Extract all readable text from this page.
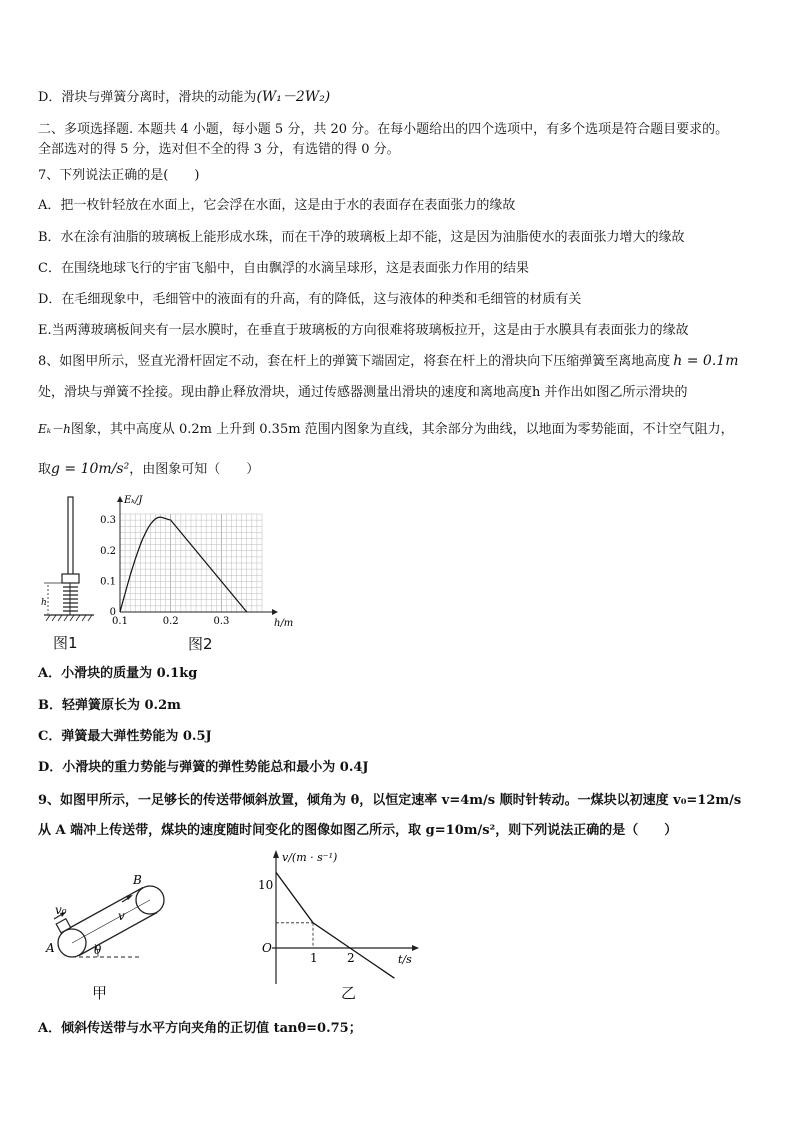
D．滑块与弹簧分离时，滑块的动能为(W₁－2W₂)
二、多项选择题. 本题共 4 小题，每小题 5 分，共 20 分。在每小题给出的四个选项中，有多个选项是符合题目要求的。
全部选对的得 5 分，选对但不全的得 3 分，有选错的得 0 分。
7、下列说法正确的是(　　)
A．把一枚针轻放在水面上，它会浮在水面，这是由于水的表面存在表面张力的缘故
B．水在涂有油脂的玻璃板上能形成水珠，而在干净的玻璃板上却不能，这是因为油脂使水的表面张力增大的缘故
C．在围绕地球飞行的宇宙飞船中，自由飘浮的水滴呈球形，这是表面张力作用的结果
D．在毛细现象中，毛细管中的液面有的升高，有的降低，这与液体的种类和毛细管的材质有关
E.当两薄玻璃板间夹有一层水膜时，在垂直于玻璃板的方向很难将玻璃板拉开，这是由于水膜具有表面张力的缘故
8、如图甲所示，竖直光滑杆固定不动，套在杆上的弹簧下端固定，将套在杆上的滑块向下压缩弹簧至离地高度 h = 0.1m
处，滑块与弹簧不拴接。现由静止释放滑块，通过传感器测量出滑块的速度和离地高度h 并作出如图乙所示滑块的
Eₖ－h图象，其中高度从 0.2m 上升到 0.35m 范围内图象为直线，其余部分为曲线，以地面为零势能面，不计空气阻力，
取g = 10m/s²，由图象可知（　　）
h
图1
0
0.1
0.2
0.3
0.1	0.2	0.3
Eₖ/J
h/m
图2
A．小滑块的质量为 0.1kg
B．轻弹簧原长为 0.2m
C．弹簧最大弹性势能为 0.5J
D．小滑块的重力势能与弹簧的弹性势能总和最小为 0.4J
9、如图甲所示，一足够长的传送带倾斜放置，倾角为 θ，以恒定速率 v=4m/s 顺时针转动。一煤块以初速度 v₀=12m/s
从 A 端冲上传送带，煤块的速度随时间变化的图像如图乙所示，取 g=10m/s²，则下列说法正确的是（　　）
v₀	v
A
B
θ
甲
v/(m · s⁻¹)
t/s
O
10
1 2
乙
A．倾斜传送带与水平方向夹角的正切值 tanθ=0.75；
